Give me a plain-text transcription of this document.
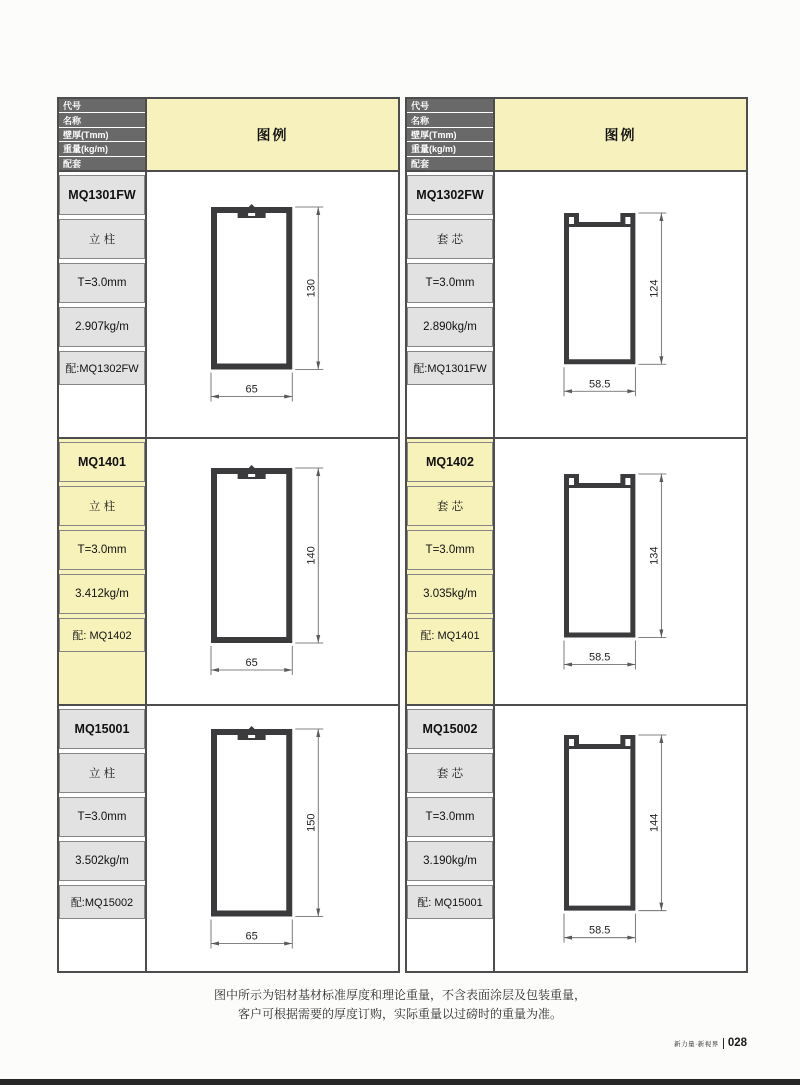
代号
名称
壁厚(Tmm)
重量(kg/m)
配套
图例
MQ1301FW
立 柱
T=3.0mm
2.907kg/m
配:MQ1302FW
130
65
MQ1401
立 柱
T=3.0mm
3.412kg/m
配: MQ1402
140
65
MQ15001
立 柱
T=3.0mm
3.502kg/m
配:MQ15002
150
65
代号
名称
壁厚(Tmm)
重量(kg/m)
配套
图例
MQ1302FW
套 芯
T=3.0mm
2.890kg/m
配:MQ1301FW
124
58.5
MQ1402
套 芯
T=3.0mm
3.035kg/m
配: MQ1401
134
58.5
MQ15002
套 芯
T=3.0mm
3.190kg/m
配: MQ15001
144
58.5
图中所示为铝材基材标准厚度和理论重量，不含表面涂层及包装重量，
客户可根据需要的厚度订购，实际重量以过磅时的重量为准。
新力量·新视界 028
